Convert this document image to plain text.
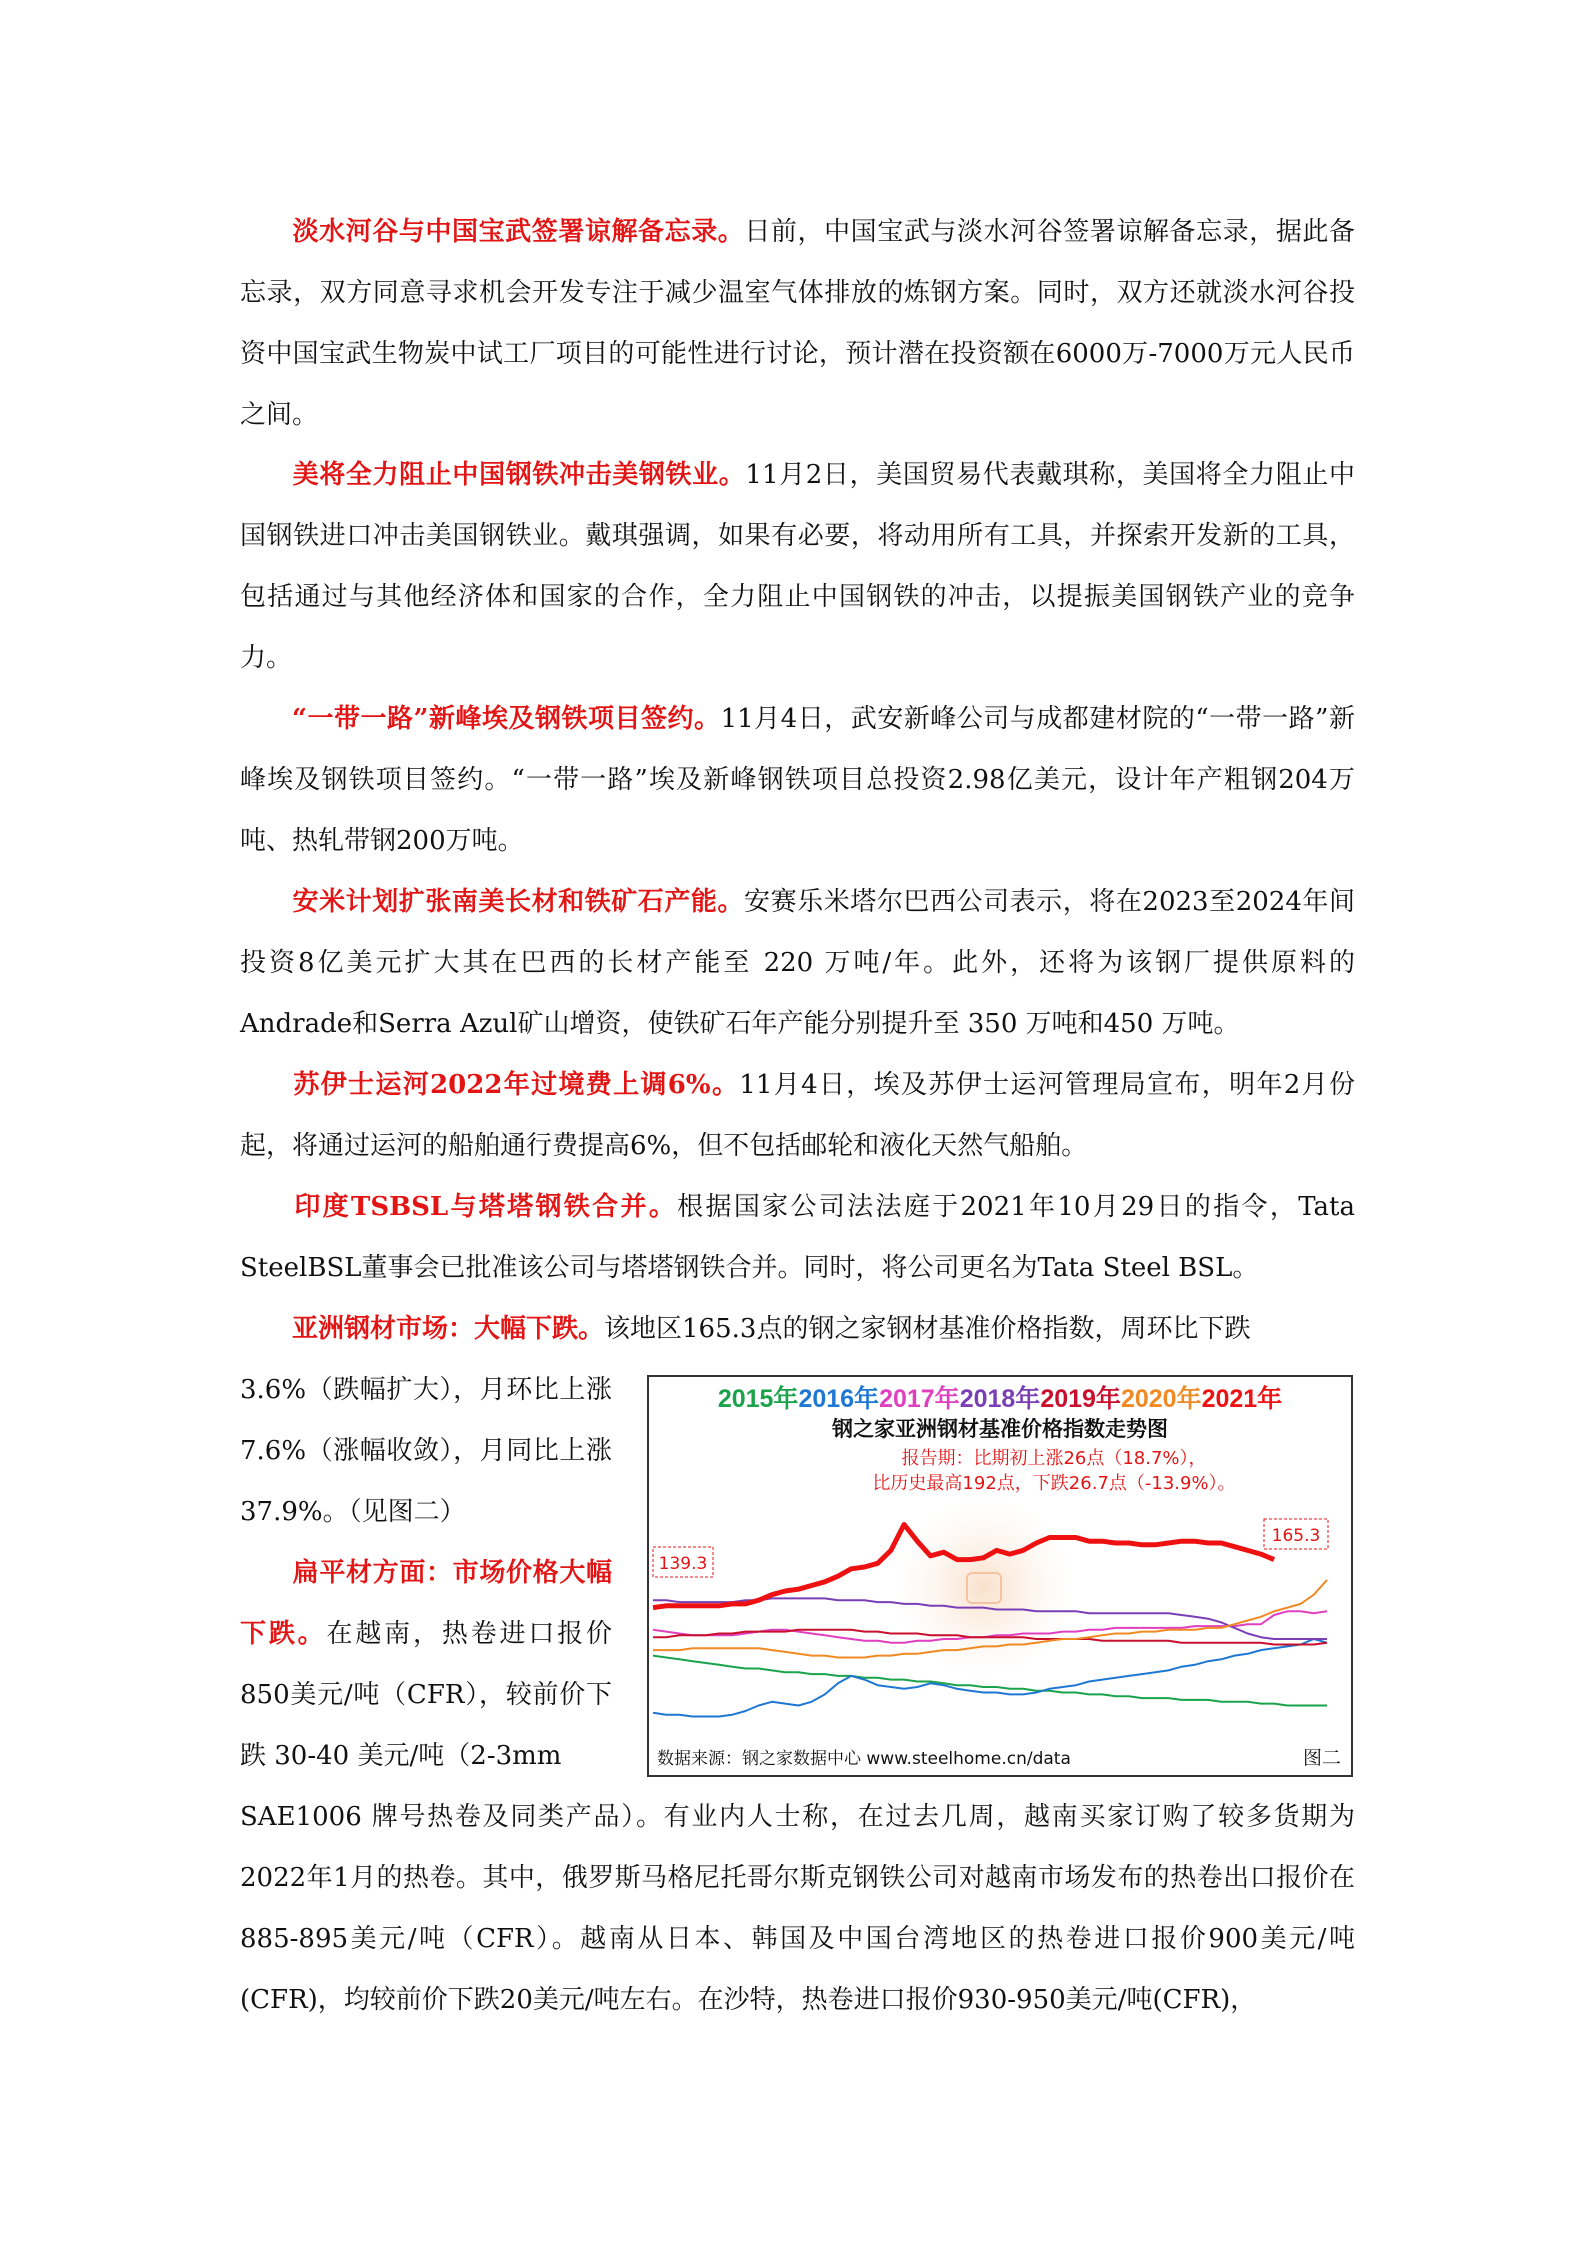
淡水河谷与中国宝武签署谅解备忘录。日前，中国宝武与淡水河谷签署谅解备忘录，据此备忘录，双方同意寻求机会开发专注于减少温室气体排放的炼钢方案。同时，双方还就淡水河谷投资中国宝武生物炭中试工厂项目的可能性进行讨论，预计潜在投资额在6000万-7000万元人民币之间。

美将全力阻止中国钢铁冲击美钢铁业。11月2日，美国贸易代表戴琪称，美国将全力阻止中国钢铁进口冲击美国钢铁业。戴琪强调，如果有必要，将动用所有工具，并探索开发新的工具，包括通过与其他经济体和国家的合作，全力阻止中国钢铁的冲击，以提振美国钢铁产业的竞争力。

“一带一路”新峰埃及钢铁项目签约。11月4日，武安新峰公司与成都建材院的“一带一路”新峰埃及钢铁项目签约。“一带一路”埃及新峰钢铁项目总投资2.98亿美元，设计年产粗钢204万吨、热轧带钢200万吨。

安米计划扩张南美长材和铁矿石产能。安赛乐米塔尔巴西公司表示，将在2023至2024年间投资8亿美元扩大其在巴西的长材产能至 220 万吨/年。此外，还将为该钢厂提供原料的 Andrade和Serra Azul矿山增资，使铁矿石年产能分别提升至 350 万吨和450 万吨。

苏伊士运河2022年过境费上调6%。11月4日，埃及苏伊士运河管理局宣布，明年2月份起，将通过运河的船舶通行费提高6%，但不包括邮轮和液化天然气船舶。

印度TSBSL与塔塔钢铁合并。根据国家公司法法庭于2021年10月29日的指令，Tata SteelBSL董事会已批准该公司与塔塔钢铁合并。同时，将公司更名为Tata Steel BSL。

亚洲钢材市场：大幅下跌。该地区165.3点的钢之家钢材基准价格指数，周环比下跌

3.6%（跌幅扩大），月环比上涨7.6%（涨幅收敛），月同比上涨37.9%。（见图二）

扁平材方面：市场价格大幅下跌。在越南，热卷进口报价850美元/吨（CFR），较前价下跌 30-40 美元/吨（2-3mm

SAE1006 牌号热卷及同类产品）。有业内人士称，在过去几周，越南买家订购了较多货期为2022年1月的热卷。其中，俄罗斯马格尼托哥尔斯克钢铁公司对越南市场发布的热卷出口报价在885-895美元/吨（CFR）。越南从日本、韩国及中国台湾地区的热卷进口报价900美元/吨(CFR)，均较前价下跌20美元/吨左右。在沙特，热卷进口报价930-950美元/吨(CFR)，

2015年2016年2017年2018年2019年2020年2021年
钢之家亚洲钢材基准价格指数走势图
报告期：比期初上涨26点（18.7%），
比历史最高192点，下跌26.7点（-13.9%）。
139.3
165.3
数据来源：钢之家数据中心 www.steelhome.cn/data	图二
